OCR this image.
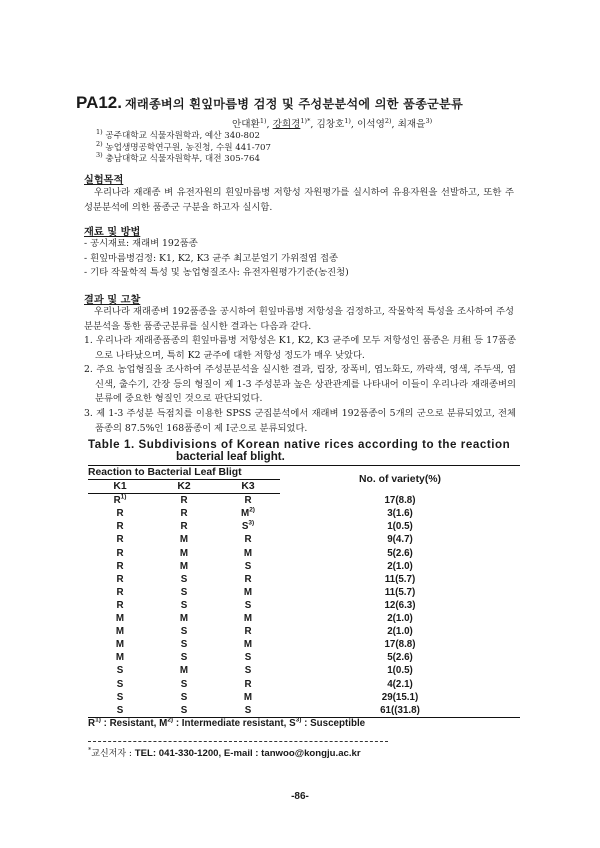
PA12. 재래종벼의 흰잎마름병 검정 및 주성분분석에 의한 품종군분류
안대환$^{1)}$, 강희경$^{1)*}$, 김창호$^{1)}$, 이석영$^{2)}$, 최재을$^{3)}$
$^{1)}$ 공주대학교 식물자원학과, 예산 340-802
$^{2)}$ 농업생명공학연구원, 농진청, 수원 441-707
$^{3)}$ 충남대학교 식물자원학부, 대전 305-764
실험목적
우리나라 재래종 벼 유전자원의 흰잎마름병 저항성 자원평가를 실시하여 유용자원을 선발하고, 또한 주성분분석에 의한 품종군 구분을 하고자 실시함.
재료 및 방법
- 공시재료: 재래벼 192품종
- 흰잎마름병검정: K1, K2, K3 균주 최고분얼기 가위절엽 접종
- 기타 작물학적 특성 및 농업형질조사: 유전자원평가기준(농진청)
결과 및 고찰
우리나라 재래종벼 192품종을 공시하여 흰잎마름병 저항성을 검정하고, 작물학적 특성을 조사하여 주성분분석을 통한 품종군분류를 실시한 결과는 다음과 같다.
1. 우리나라 재래종품종의 흰잎마름병 저항성은 K1, K2, K3 균주에 모두 저항성인 품종은 月租 등 17품종으로 나타났으며, 특히 K2 균주에 대한 저항성 정도가 매우 낮았다.
2. 주요 농업형질을 조사하여 주성분분석을 실시한 결과, 립장, 장폭비, 엽노화도, 까락색, 영색, 주두색, 엽신색, 출수기, 간장 등의 형질이 제 1-3 주성분과 높은 상관관계를 나타내어 이들이 우리나라 재래종벼의 분류에 중요한 형질인 것으로 판단되었다.
3. 제 1-3 주성분 득점치를 이용한 SPSS 군집분석에서 재래벼 192품종이 5개의 군으로 분류되었고, 전체 품종의 87.5%인 168품종이 제 I군으로 분류되었다.
Table 1. Subdivisions of Korean native rices according to the reaction
bacterial leaf blight.
Reaction to Bacterial Leaf Bligt			No. of variety(%)
K1	K2	K3	
$R^{1)}$	R	R	17(8.8)
R	R	$M^{2)}$	3(1.6)
R	R	$S^{3)}$	1(0.5)
R	M	R	9(4.7)
R	M	M	5(2.6)
R	M	S	2(1.0)
R	S	R	11(5.7)
R	S	M	11(5.7)
R	S	S	12(6.3)
M	M	M	2(1.0)
M	S	R	2(1.0)
M	S	M	17(8.8)
M	S	S	5(2.6)
S	M	S	1(0.5)
S	S	R	4(2.1)
S	S	M	29(15.1)
S	S	S	61((31.8)
$R^{1)}$ : Resistant, $M^{2)}$ : Intermediate resistant, $S^{3)}$ : Susceptible
*교신저자 : TEL: 041-330-1200, E-mail : tanwoo@kongju.ac.kr
-86-
